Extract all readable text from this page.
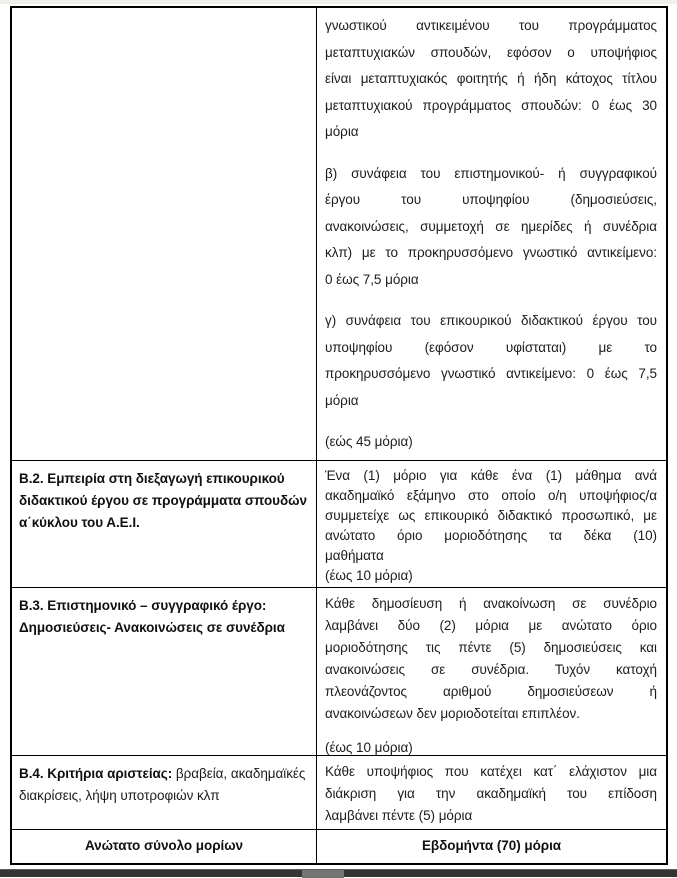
γνωστικού αντικειμένου του προγράμματος
μεταπτυχιακών σπουδών, εφόσον ο υποψήφιος
είναι μεταπτυχιακός φοιτητής ή ήδη κάτοχος τίτλου
μεταπτυχιακού προγράμματος σπουδών: 0 έως 30
μόρια

β) συνάφεια του επιστημονικού- ή συγγραφικού
έργου του υποψηφίου (δημοσιεύσεις,
ανακοινώσεις, συμμετοχή σε ημερίδες ή συνέδρια
κλπ) με το προκηρυσσόμενο γνωστικό αντικείμενο:
0 έως 7,5 μόρια

γ) συνάφεια του επικουρικού διδακτικού έργου του
υποψηφίου (εφόσον υφίσταται) με το
προκηρυσσόμενο γνωστικό αντικείμενο: 0 έως 7,5
μόρια

(εώς 45 μόρια)

Β.2. Εμπειρία στη διεξαγωγή επικουρικού
διδακτικού έργου σε προγράμματα σπουδών
α΄κύκλου του Α.Ε.Ι.

Ένα (1) μόριο για κάθε ένα (1) μάθημα ανά
ακαδημαϊκό εξάμηνο στο οποίο ο/η υποψήφιος/α
συμμετείχε ως επικουρικό διδακτικό προσωπικό, με
ανώτατο όριο μοριοδότησης τα δέκα (10)
μαθήματα

(έως 10 μόρια)

Β.3. Επιστημονικό – συγγραφικό έργο:
Δημοσιεύσεις- Ανακοινώσεις σε συνέδρια

Κάθε δημοσίευση ή ανακοίνωση σε συνέδριο
λαμβάνει δύο (2) μόρια με ανώτατο όριο
μοριοδότησης τις πέντε (5) δημοσιεύσεις και
ανακοινώσεις σε συνέδρια. Τυχόν κατοχή
πλεονάζοντος αριθμού δημοσιεύσεων ή
ανακοινώσεων δεν μοριοδοτείται επιπλέον.

(έως 10 μόρια)

Β.4. Κριτήρια αριστείας: βραβεία, ακαδημαϊκές διακρίσεις, λήψη υποτροφιών κλπ

Κάθε υποψήφιος που κατέχει κατ΄ ελάχιστον μια
διάκριση για την ακαδημαϊκή του επίδοση
λαμβάνει πέντε (5) μόρια

Ανώτατο σύνολο μορίων	Εβδομήντα (70) μόρια
